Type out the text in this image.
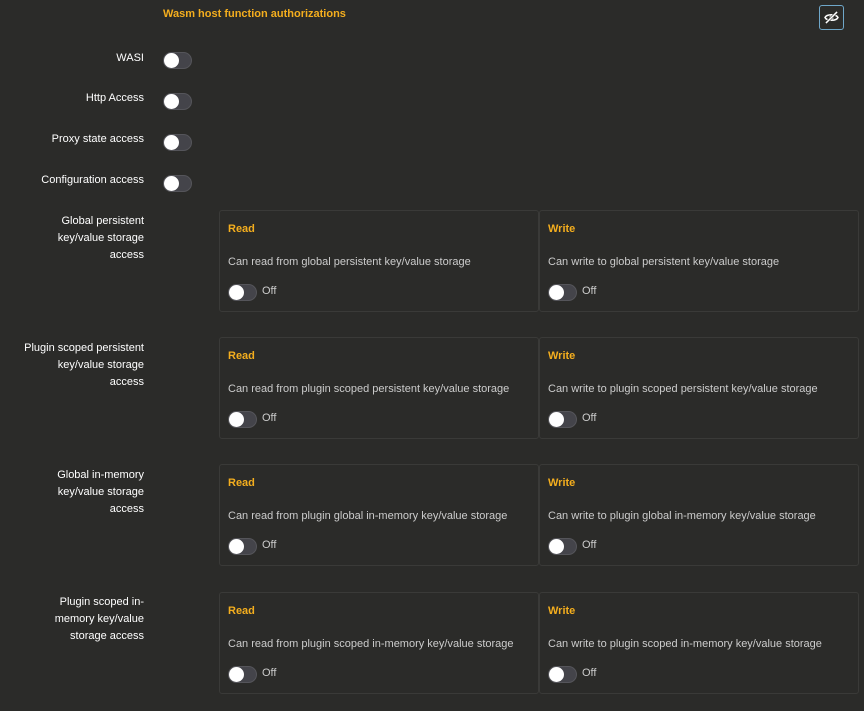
Wasm host function authorizations
WASI
Http Access
Proxy state access
Configuration access
Global persistent key/value storage access
Read
Can read from global persistent key/value storage
Off
Write
Can write to global persistent key/value storage
Off
Plugin scoped persistent key/value storage access
Read
Can read from plugin scoped persistent key/value storage
Off
Write
Can write to plugin scoped persistent key/value storage
Off
Global in-memory key/value storage access
Read
Can read from plugin global in-memory key/value storage
Off
Write
Can write to plugin global in-memory key/value storage
Off
Plugin scoped in-memory key/value storage access
Read
Can read from plugin scoped in-memory key/value storage
Off
Write
Can write to plugin scoped in-memory key/value storage
Off
